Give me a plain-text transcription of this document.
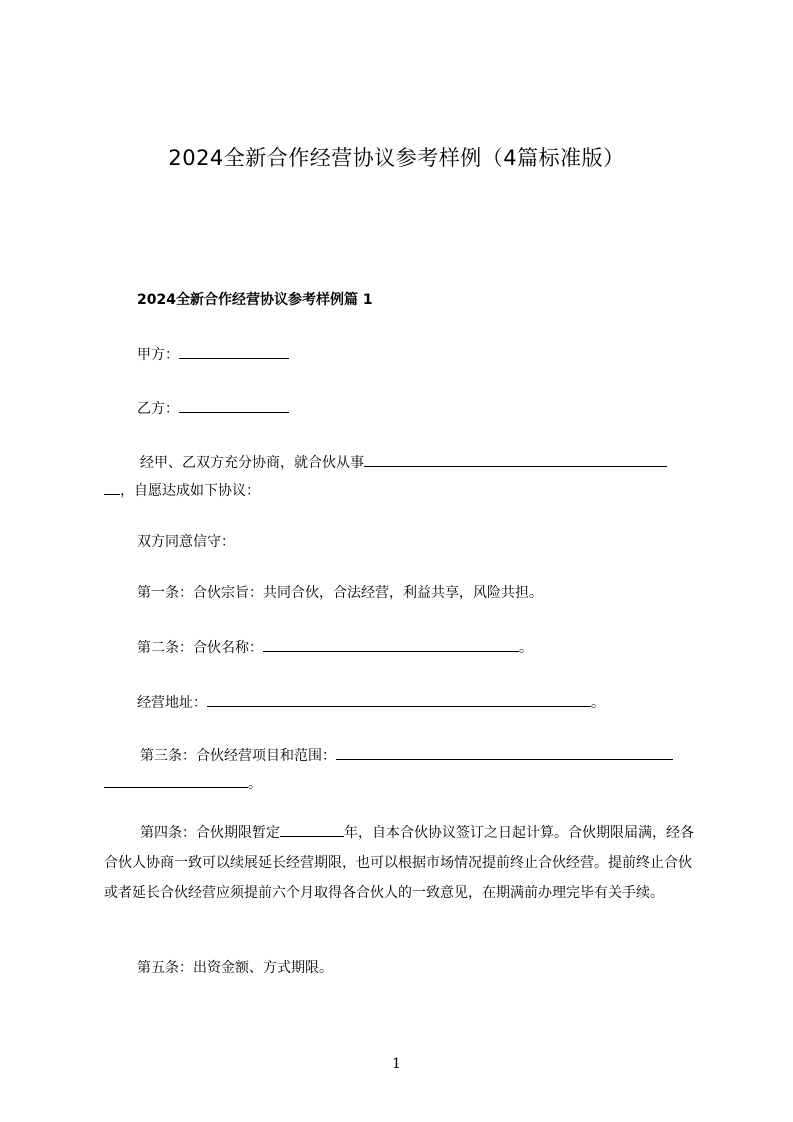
2024全新合作经营协议参考样例（4篇标准版）
2024全新合作经营协议参考样例篇 1
甲方：
乙方：
经甲、乙双方充分协商，就合伙从事
，自愿达成如下协议：
双方同意信守：
第一条：合伙宗旨：共同合伙，合法经营，利益共享，风险共担。
第二条：合伙名称：	。
经营地址：	。
第三条：合伙经营项目和范围：
。
第四条：合伙期限暂定	年，自本合伙协议签订之日起计算。合伙期限届满，经各合伙人协商一致可以续展延长经营期限，也可以根据市场情况提前终止合伙经营。提前终止合伙或者延长合伙经营应须提前六个月取得各合伙人的一致意见，在期满前办理完毕有关手续。
第五条：出资金额、方式期限。
1
